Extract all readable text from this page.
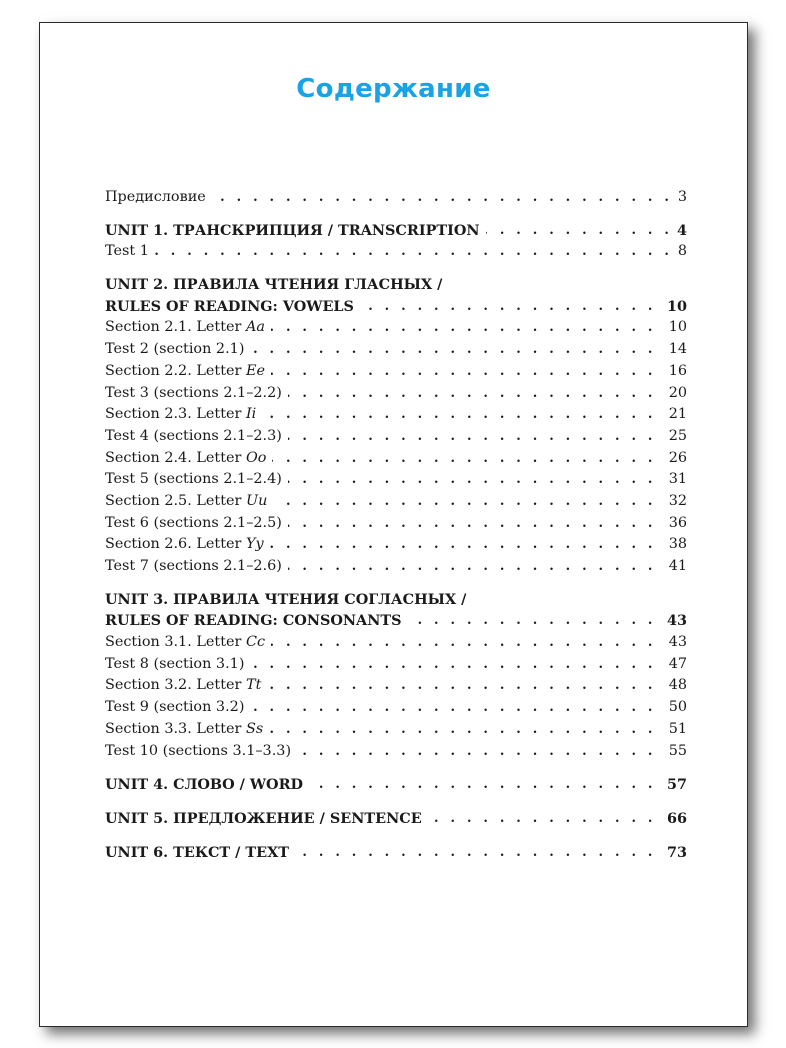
Содержание
. . .
Предисловие	3
. . .
UNIT 1. ТРАНСКРИПЦИЯ / TRANSCRIPTION	4
. . .
Test 1	8
UNIT 2. ПРАВИЛА ЧТЕНИЯ ГЛАСНЫХ /
. . .
RULES OF READING: VOWELS	10
. . .
Section 2.1. Letter Aa	10
. . .
Test 2 (section 2.1)	14
. . .
Section 2.2. Letter Ee	16
. . .
Test 3 (sections 2.1–2.2)	20
. . .
Section 2.3. Letter Ii	21
. . .
Test 4 (sections 2.1–2.3)	25
. . .
Section 2.4. Letter Oo	26
. . .
Test 5 (sections 2.1–2.4)	31
. . .
Section 2.5. Letter Uu	32
. . .
Test 6 (sections 2.1–2.5)	36
. . .
Section 2.6. Letter Yy	38
. . .
Test 7 (sections 2.1–2.6)	41
UNIT 3. ПРАВИЛА ЧТЕНИЯ СОГЛАСНЫХ /
. . .
RULES OF READING: CONSONANTS	43
. . .
Section 3.1. Letter Cc	43
. . .
Test 8 (section 3.1)	47
. . .
Section 3.2. Letter Tt	48
. . .
Test 9 (section 3.2)	50
. . .
Section 3.3. Letter Ss	51
. . .
Test 10 (sections 3.1–3.3)	55
. . .
UNIT 4. СЛОВО / WORD	57
. . .
UNIT 5. ПРЕДЛОЖЕНИЕ / SENTENCE	66
. . .
UNIT 6. ТЕКСТ / TEXT	73
